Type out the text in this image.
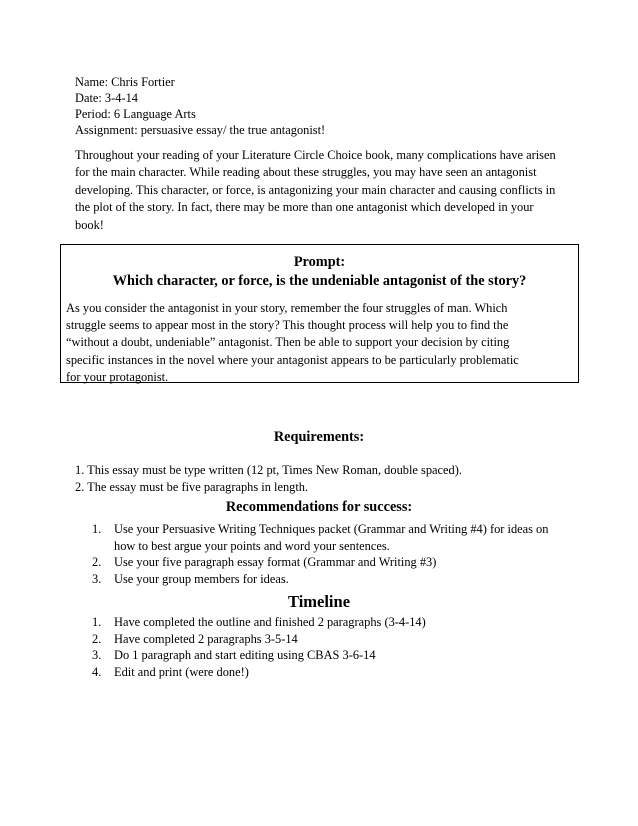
Name: Chris Fortier
Date: 3-4-14
Period: 6 Language Arts
Assignment: persuasive essay/ the true antagonist!
Throughout your reading of your Literature Circle Choice book, many complications have arisen
for the main character. While reading about these struggles, you may have seen an antagonist
developing. This character, or force, is antagonizing your main character and causing conflicts in
the plot of the story. In fact, there may be more than one antagonist which developed in your
book!
Prompt:
Which character, or force, is the undeniable antagonist of the story?
As you consider the antagonist in your story, remember the four struggles of man. Which
struggle seems to appear most in the story? This thought process will help you to find the
“without a doubt, undeniable” antagonist. Then be able to support your decision by citing
specific instances in the novel where your antagonist appears to be particularly problematic
for your protagonist.
Requirements:
1. This essay must be type written (12 pt, Times New Roman, double spaced).
2. The essay must be five paragraphs in length.
Recommendations for success:
1.	Use your Persuasive Writing Techniques packet (Grammar and Writing #4) for ideas on
how to best argue your points and word your sentences.
2.	Use your five paragraph essay format (Grammar and Writing #3)
3.	Use your group members for ideas.
Timeline
1.	Have completed the outline and finished 2 paragraphs (3-4-14)
2.	Have completed 2 paragraphs 3-5-14
3.	Do 1 paragraph and start editing using CBAS 3-6-14
4.	Edit and print (were done!)
